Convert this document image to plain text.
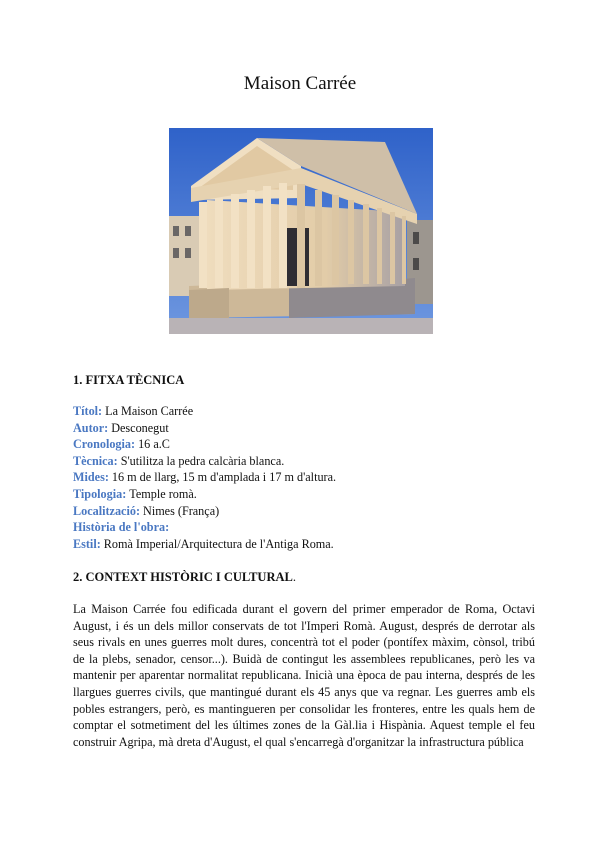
Maison Carrée
1. FITXA TÈCNICA
Títol: La Maison Carrée
Autor: Desconegut
Cronologia: 16 a.C
Tècnica: S'utilitza la pedra calcària blanca.
Mides: 16 m de llarg, 15 m d'amplada i 17 m d'altura.
Tipologia: Temple romà.
Localització: Nimes (França)
Història de l'obra:
Estil: Romà Imperial/Arquitectura de l'Antiga Roma.
2. CONTEXT HISTÒRIC I CULTURAL.

La Maison Carrée fou edificada durant el govern del primer emperador de Roma, Octavi August, i és un dels millor conservats de tot l'Imperi Romà. August, després de derrotar als seus rivals en unes guerres molt dures, concentrà tot el poder (pontífex màxim, cònsol, tribú de la plebs, senador, censor...). Buidà de contingut les assemblees republicanes, però les va mantenir per aparentar normalitat republicana. Inicià una època de pau interna, després de les llargues guerres civils, que mantingué durant els 45 anys que va regnar. Les guerres amb els pobles estrangers, però, es mantingueren per consolidar les fronteres, entre les quals hem de comptar el sotmetiment del les últimes zones de la Gàl.lia i Hispània. Aquest temple el feu construir Agripa, mà dreta d'August, el qual s'encarregà d'organitzar la infrastructura pública
